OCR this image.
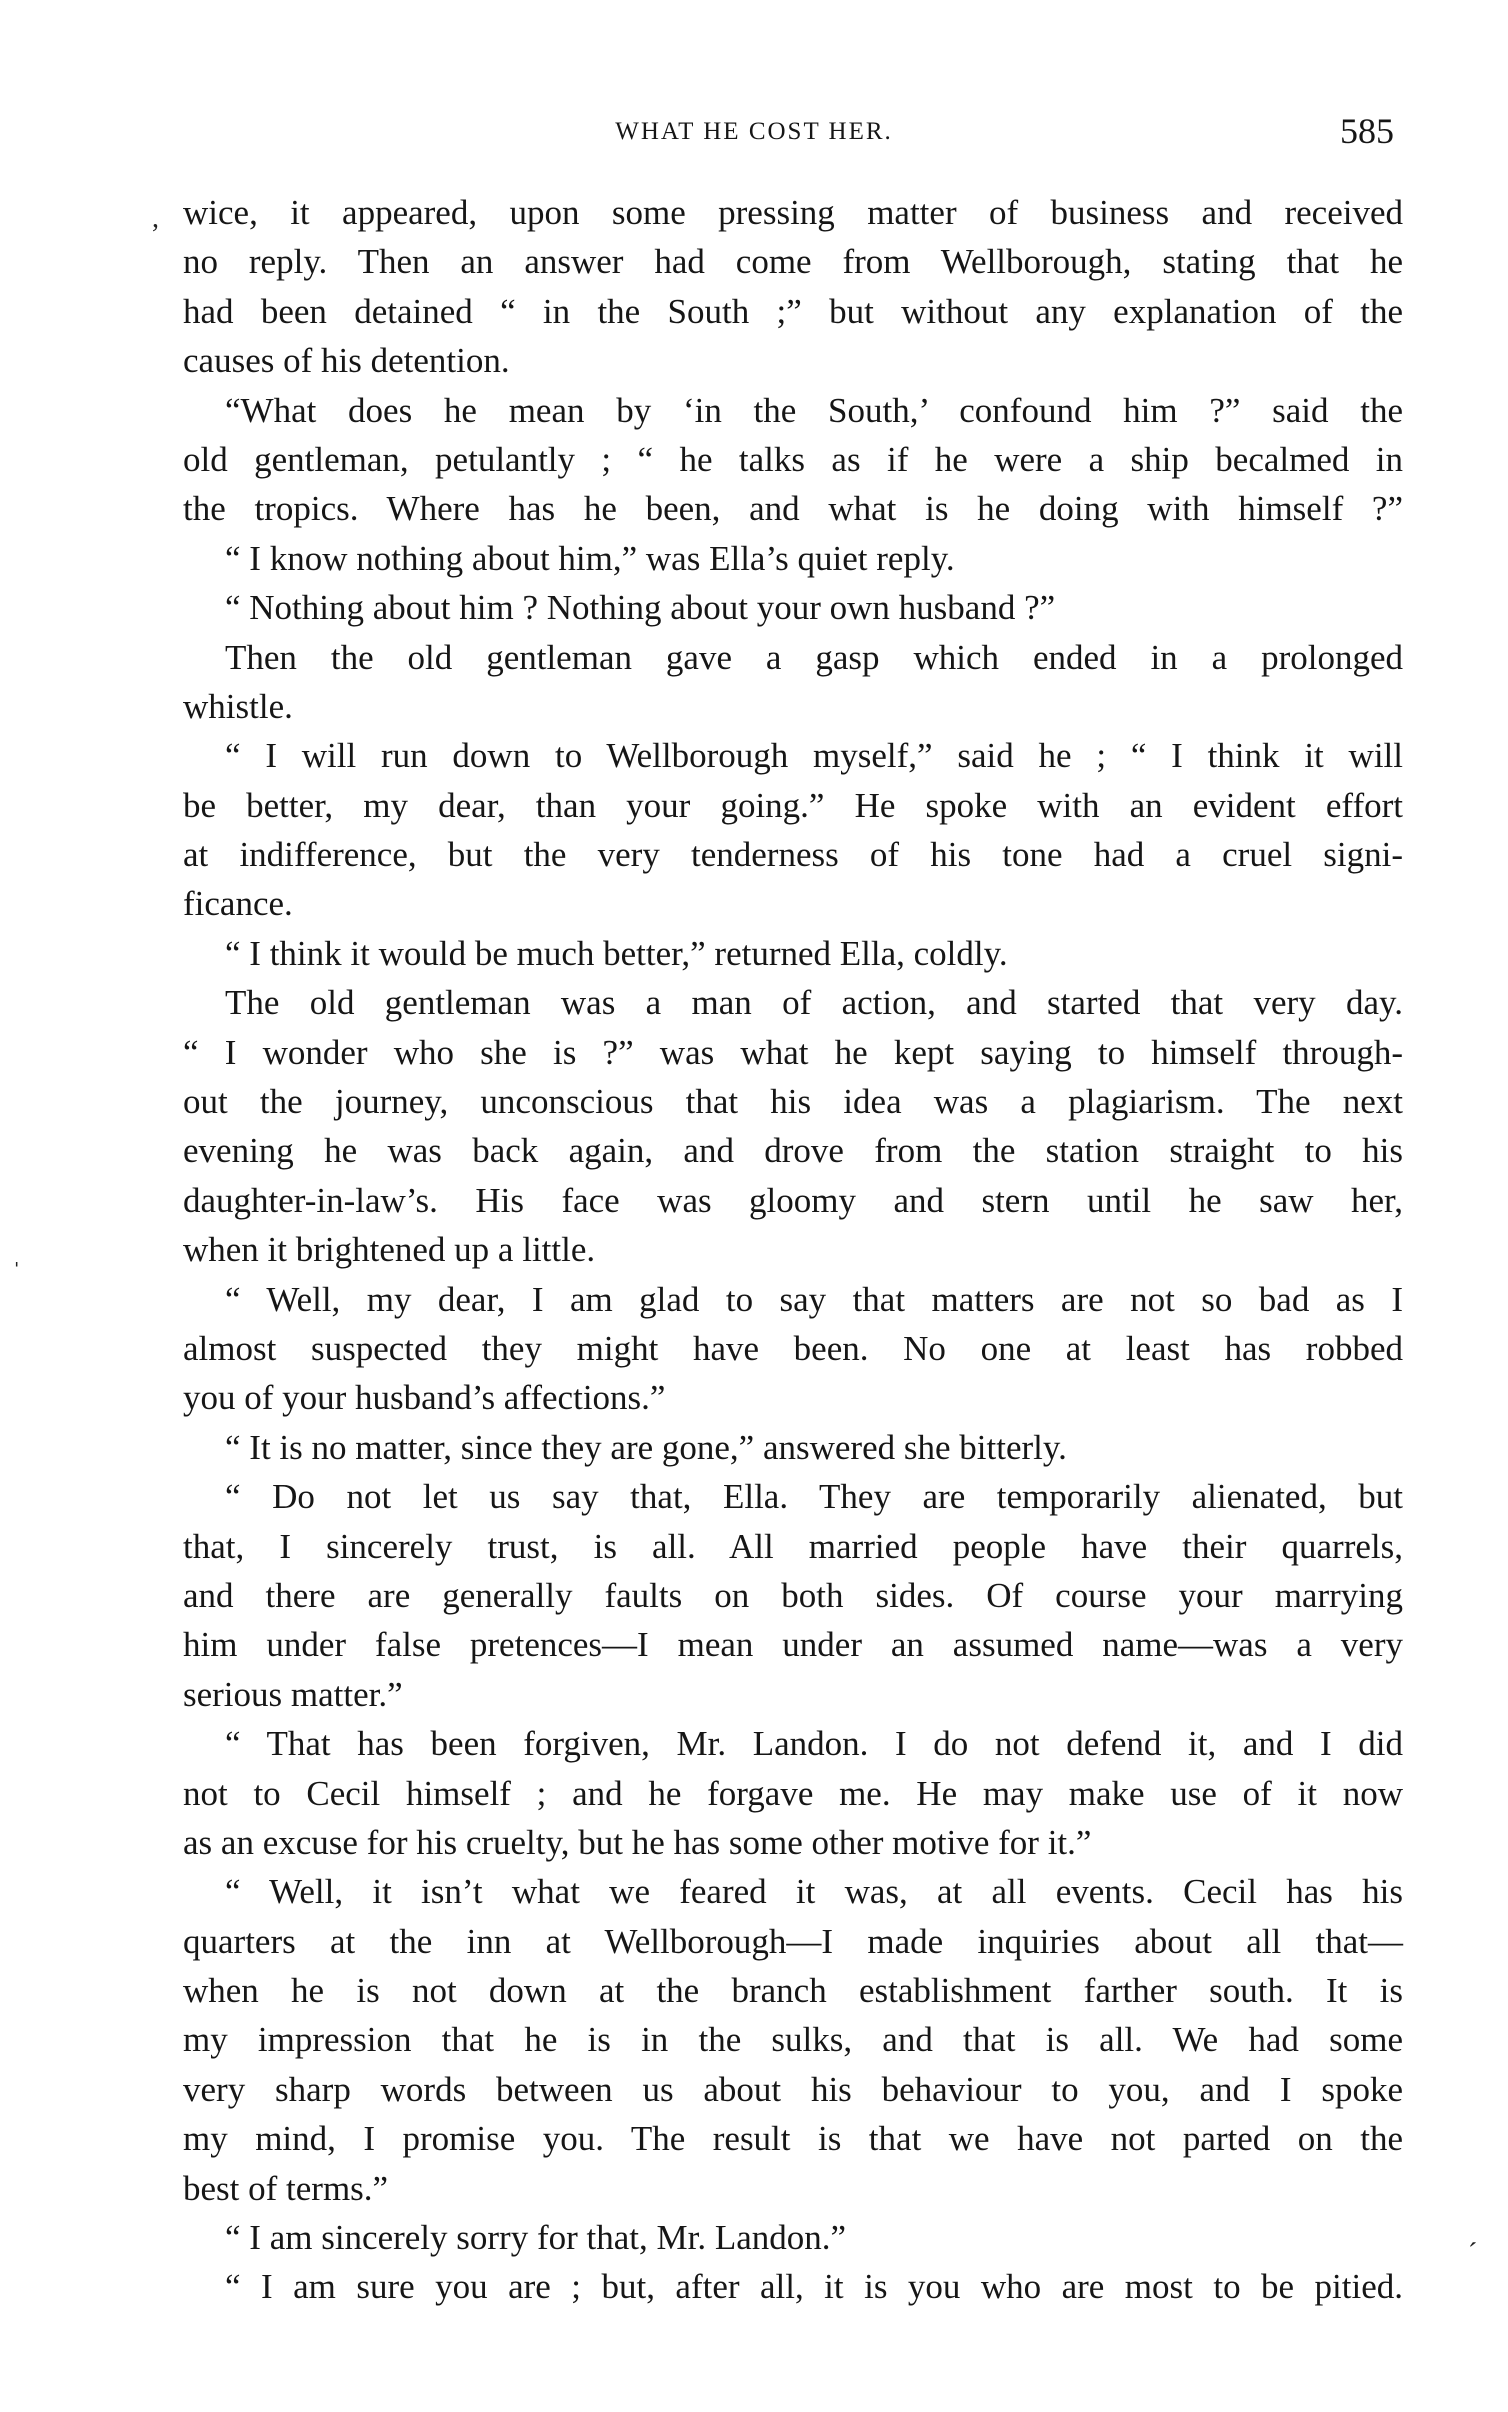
WHAT HE COST HER.	585
wice, it appeared, upon some pressing matter of business and received
no reply. Then an answer had come from Wellborough, stating that he
had been detained “ in the South ;” but without any explanation of the
causes of his detention.
“What does he mean by ‘in the South,’ confound him ?” said the
old gentleman, petulantly ; “ he talks as if he were a ship becalmed in
the tropics. Where has he been, and what is he doing with himself ?”
“ I know nothing about him,” was Ella’s quiet reply.
“ Nothing about him ? Nothing about your own husband ?”
Then the old gentleman gave a gasp which ended in a prolonged
whistle.
“ I will run down to Wellborough myself,” said he ; “ I think it will
be better, my dear, than your going.” He spoke with an evident effort
at indifference, but the very tenderness of his tone had a cruel signi-
ficance.
“ I think it would be much better,” returned Ella, coldly.
The old gentleman was a man of action, and started that very day.
“ I wonder who she is ?” was what he kept saying to himself through-
out the journey, unconscious that his idea was a plagiarism. The next
evening he was back again, and drove from the station straight to his
daughter-in-law’s. His face was gloomy and stern until he saw her,
when it brightened up a little.
“ Well, my dear, I am glad to say that matters are not so bad as I
almost suspected they might have been. No one at least has robbed
you of your husband’s affections.”
“ It is no matter, since they are gone,” answered she bitterly.
“ Do not let us say that, Ella. They are temporarily alienated, but
that, I sincerely trust, is all. All married people have their quarrels,
and there are generally faults on both sides. Of course your marrying
him under false pretences—I mean under an assumed name—was a very
serious matter.”
“ That has been forgiven, Mr. Landon. I do not defend it, and I did
not to Cecil himself ; and he forgave me. He may make use of it now
as an excuse for his cruelty, but he has some other motive for it.”
“ Well, it isn’t what we feared it was, at all events. Cecil has his
quarters at the inn at Wellborough—I made inquiries about all that—
when he is not down at the branch establishment farther south. It is
my impression that he is in the sulks, and that is all. We had some
very sharp words between us about his behaviour to you, and I spoke
my mind, I promise you. The result is that we have not parted on the
best of terms.”
“ I am sincerely sorry for that, Mr. Landon.”
“ I am sure you are ; but, after all, it is you who are most to be pitied.
,
ˈ
ˊ
